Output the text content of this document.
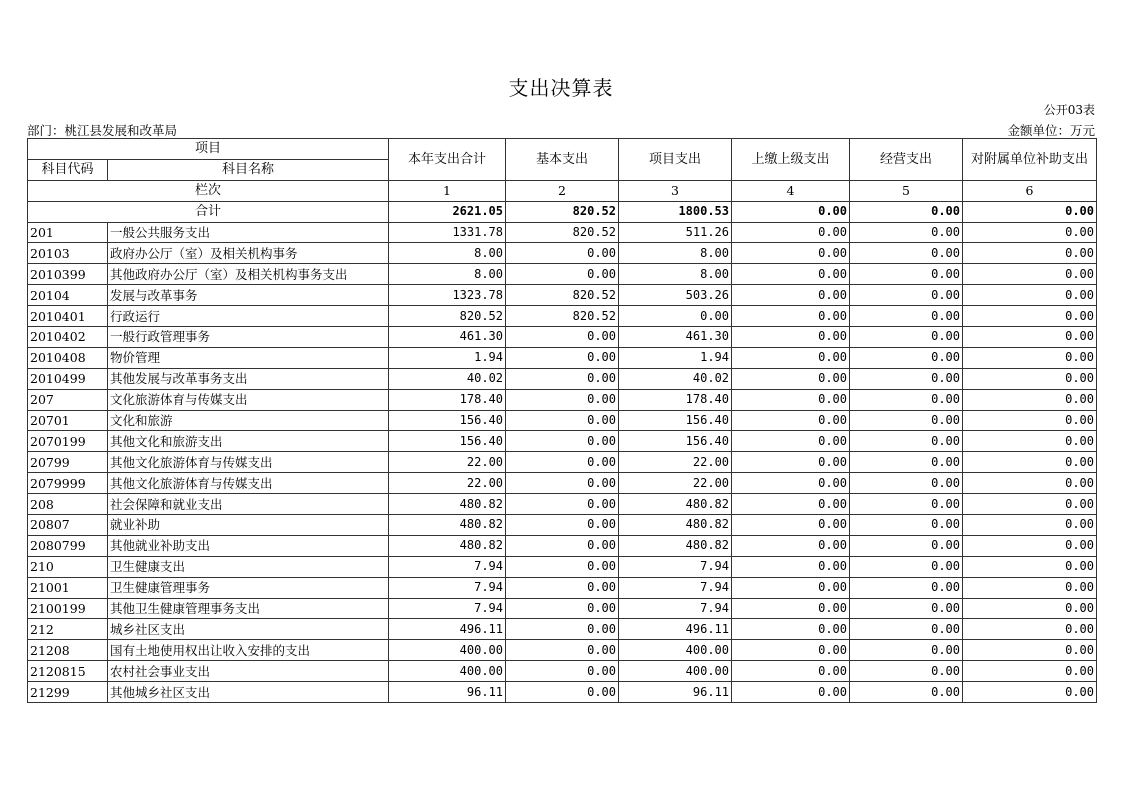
支出决算表
公开03表
部门：桃江县发展和改革局	金额单位：万元
项目		本年支出合计	基本支出	项目支出	上缴上级支出	经营支出	对附属单位补助支出
科目代码	科目名称						
栏次		1	2	3	4	5	6
合计		2621.05	820.52	1800.53	0.00	0.00	0.00
201	一般公共服务支出	1331.78	820.52	511.26	0.00	0.00	0.00
20103	政府办公厅（室）及相关机构事务	8.00	0.00	8.00	0.00	0.00	0.00
2010399	其他政府办公厅（室）及相关机构事务支出	8.00	0.00	8.00	0.00	0.00	0.00
20104	发展与改革事务	1323.78	820.52	503.26	0.00	0.00	0.00
2010401	行政运行	820.52	820.52	0.00	0.00	0.00	0.00
2010402	一般行政管理事务	461.30	0.00	461.30	0.00	0.00	0.00
2010408	物价管理	1.94	0.00	1.94	0.00	0.00	0.00
2010499	其他发展与改革事务支出	40.02	0.00	40.02	0.00	0.00	0.00
207	文化旅游体育与传媒支出	178.40	0.00	178.40	0.00	0.00	0.00
20701	文化和旅游	156.40	0.00	156.40	0.00	0.00	0.00
2070199	其他文化和旅游支出	156.40	0.00	156.40	0.00	0.00	0.00
20799	其他文化旅游体育与传媒支出	22.00	0.00	22.00	0.00	0.00	0.00
2079999	其他文化旅游体育与传媒支出	22.00	0.00	22.00	0.00	0.00	0.00
208	社会保障和就业支出	480.82	0.00	480.82	0.00	0.00	0.00
20807	就业补助	480.82	0.00	480.82	0.00	0.00	0.00
2080799	其他就业补助支出	480.82	0.00	480.82	0.00	0.00	0.00
210	卫生健康支出	7.94	0.00	7.94	0.00	0.00	0.00
21001	卫生健康管理事务	7.94	0.00	7.94	0.00	0.00	0.00
2100199	其他卫生健康管理事务支出	7.94	0.00	7.94	0.00	0.00	0.00
212	城乡社区支出	496.11	0.00	496.11	0.00	0.00	0.00
21208	国有土地使用权出让收入安排的支出	400.00	0.00	400.00	0.00	0.00	0.00
2120815	农村社会事业支出	400.00	0.00	400.00	0.00	0.00	0.00
21299	其他城乡社区支出	96.11	0.00	96.11	0.00	0.00	0.00
